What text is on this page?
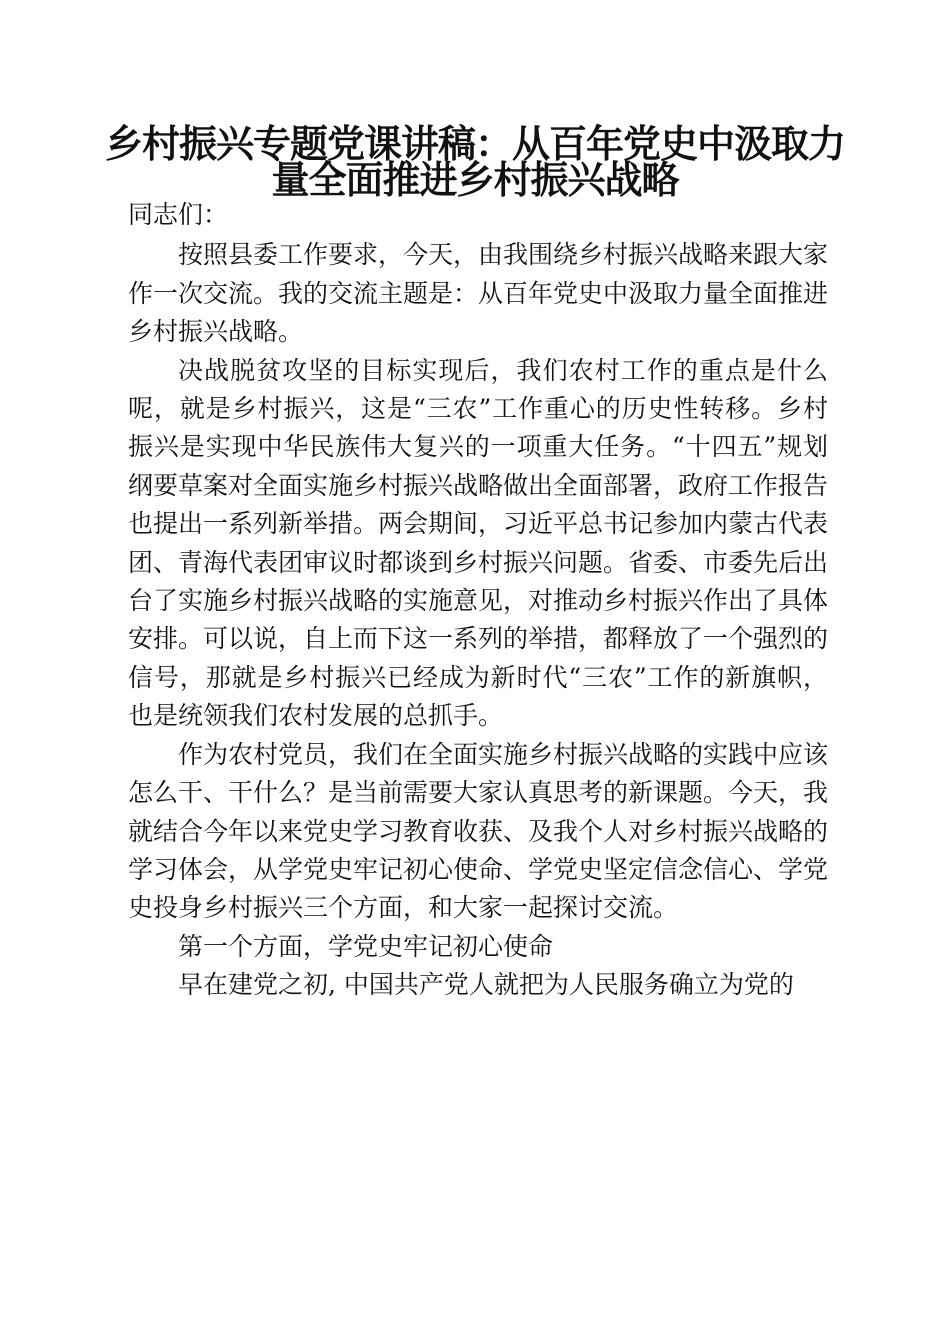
乡村振兴专题党课讲稿：从百年党史中汲取力量全面推进乡村振兴战略

同志们：

按照县委工作要求，今天，由我围绕乡村振兴战略来跟大家作一次交流。我的交流主题是：从百年党史中汲取力量全面推进乡村振兴战略。

决战脱贫攻坚的目标实现后，我们农村工作的重点是什么呢，就是乡村振兴，这是“三农”工作重心的历史性转移。乡村振兴是实现中华民族伟大复兴的一项重大任务。“十四五”规划纲要草案对全面实施乡村振兴战略做出全面部署，政府工作报告也提出一系列新举措。两会期间，习近平总书记参加内蒙古代表团、青海代表团审议时都谈到乡村振兴问题。省委、市委先后出台了实施乡村振兴战略的实施意见，对推动乡村振兴作出了具体安排。可以说，自上而下这一系列的举措，都释放了一个强烈的信号，那就是乡村振兴已经成为新时代“三农”工作的新旗帜，也是统领我们农村发展的总抓手。

作为农村党员，我们在全面实施乡村振兴战略的实践中应该怎么干、干什么？是当前需要大家认真思考的新课题。今天，我就结合今年以来党史学习教育收获、及我个人对乡村振兴战略的学习体会，从学党史牢记初心使命、学党史坚定信念信心、学党史投身乡村振兴三个方面，和大家一起探讨交流。

第一个方面，学党史牢记初心使命

早在建党之初, 中国共产党人就把为人民服务确立为党的
